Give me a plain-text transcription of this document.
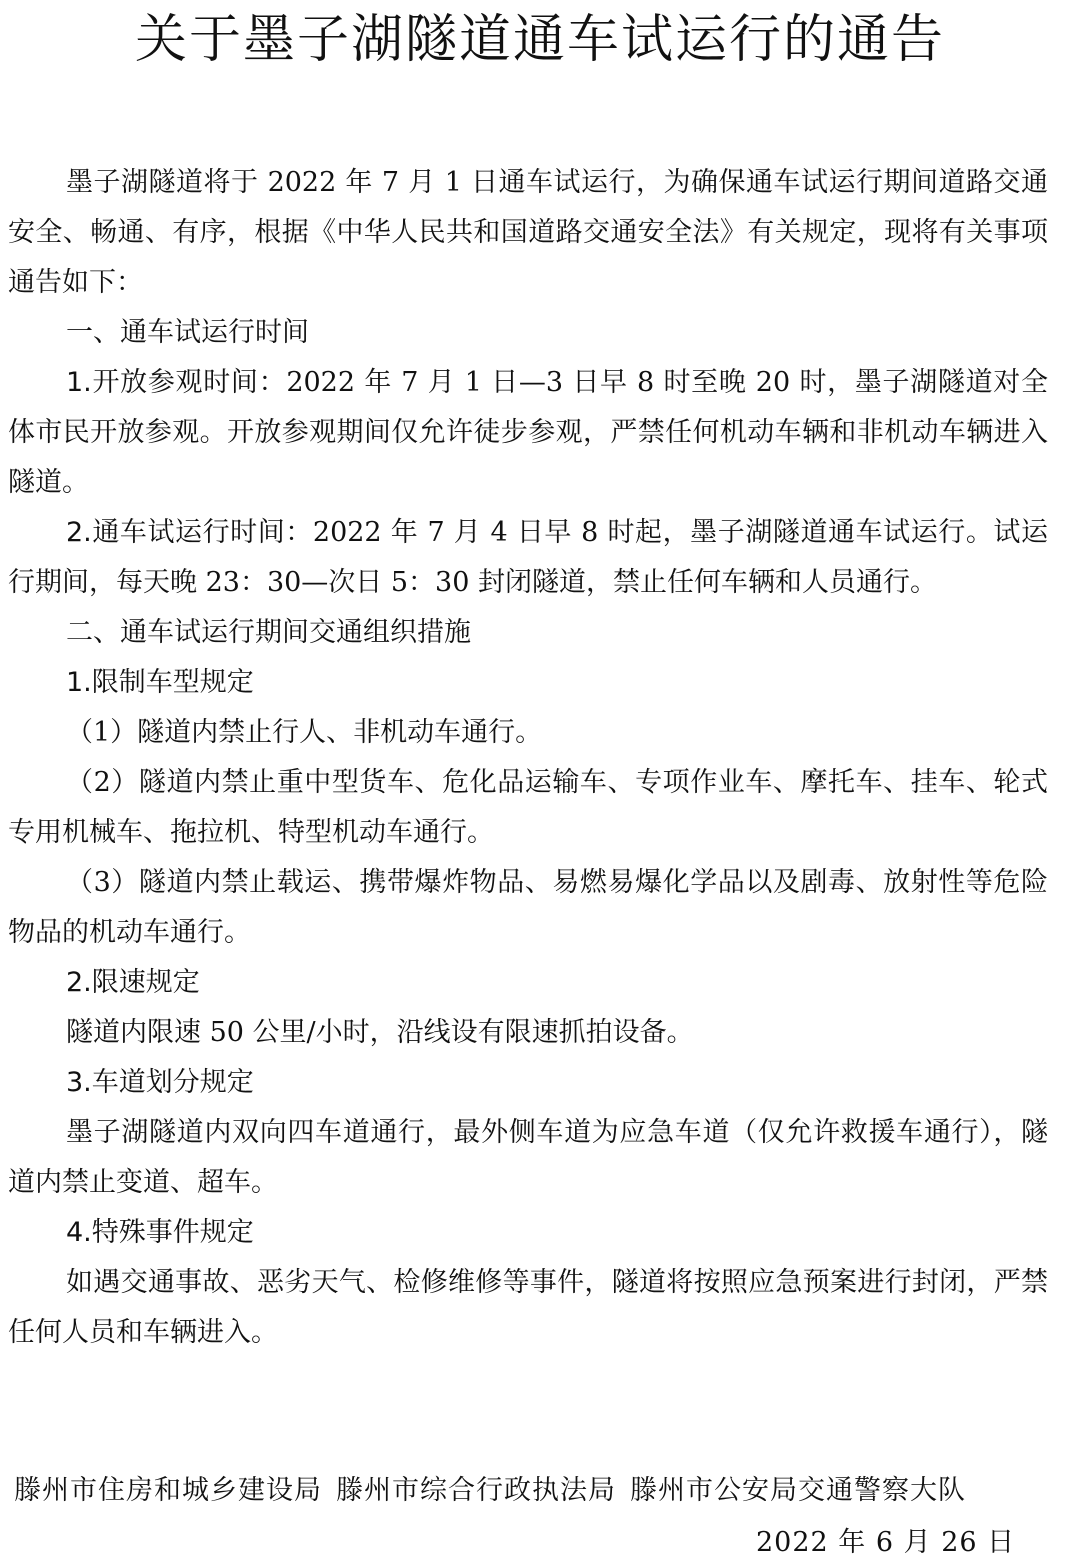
关于墨子湖隧道通车试运行的通告

墨子湖隧道将于 2022 年 7 月 1 日通车试运行，为确保通车试运行期间道路交通安全、畅通、有序，根据《中华人民共和国道路交通安全法》有关规定，现将有关事项通告如下：

一、通车试运行时间

1.开放参观时间：2022 年 7 月 1 日—3 日早 8 时至晚 20 时，墨子湖隧道对全体市民开放参观。开放参观期间仅允许徒步参观，严禁任何机动车辆和非机动车辆进入隧道。

2.通车试运行时间：2022 年 7 月 4 日早 8 时起，墨子湖隧道通车试运行。试运行期间，每天晚 23：30—次日 5：30 封闭隧道，禁止任何车辆和人员通行。

二、通车试运行期间交通组织措施

1.限制车型规定

（1）隧道内禁止行人、非机动车通行。

（2）隧道内禁止重中型货车、危化品运输车、专项作业车、摩托车、挂车、轮式专用机械车、拖拉机、特型机动车通行。

（3）隧道内禁止载运、携带爆炸物品、易燃易爆化学品以及剧毒、放射性等危险物品的机动车通行。

2.限速规定

隧道内限速 50 公里/小时，沿线设有限速抓拍设备。

3.车道划分规定

墨子湖隧道内双向四车道通行，最外侧车道为应急车道（仅允许救援车通行），隧道内禁止变道、超车。

4.特殊事件规定

如遇交通事故、恶劣天气、检修维修等事件，隧道将按照应急预案进行封闭，严禁任何人员和车辆进入。

滕州市住房和城乡建设局 滕州市综合行政执法局 滕州市公安局交通警察大队
2022 年 6 月 26 日
